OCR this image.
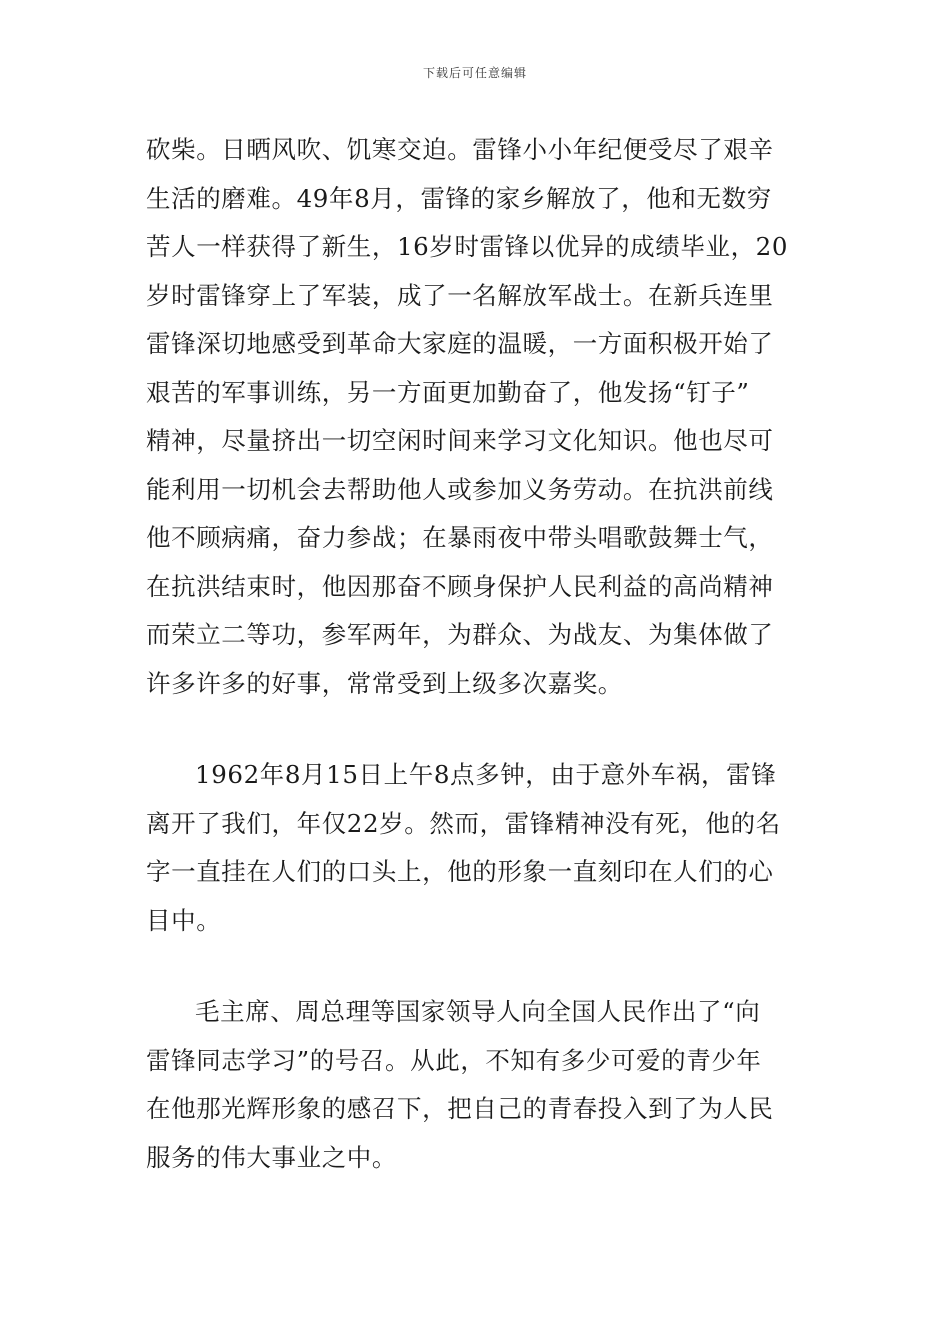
下载后可任意编辑
砍柴。日晒风吹、饥寒交迫。雷锋小小年纪便受尽了艰辛
生活的磨难。49年8月，雷锋的家乡解放了，他和无数穷
苦人一样获得了新生，16岁时雷锋以优异的成绩毕业，20
岁时雷锋穿上了军装，成了一名解放军战士。在新兵连里
雷锋深切地感受到革命大家庭的温暖，一方面积极开始了
艰苦的军事训练，另一方面更加勤奋了，他发扬“钉子”
精神，尽量挤出一切空闲时间来学习文化知识。他也尽可
能利用一切机会去帮助他人或参加义务劳动。在抗洪前线
他不顾病痛，奋力参战；在暴雨夜中带头唱歌鼓舞士气，
在抗洪结束时，他因那奋不顾身保护人民利益的高尚精神
而荣立二等功，参军两年，为群众、为战友、为集体做了
许多许多的好事，常常受到上级多次嘉奖。
1962年8月15日上午8点多钟，由于意外车祸，雷锋
离开了我们，年仅22岁。然而，雷锋精神没有死，他的名
字一直挂在人们的口头上，他的形象一直刻印在人们的心
目中。
毛主席、周总理等国家领导人向全国人民作出了“向
雷锋同志学习”的号召。从此，不知有多少可爱的青少年
在他那光辉形象的感召下，把自己的青春投入到了为人民
服务的伟大事业之中。
